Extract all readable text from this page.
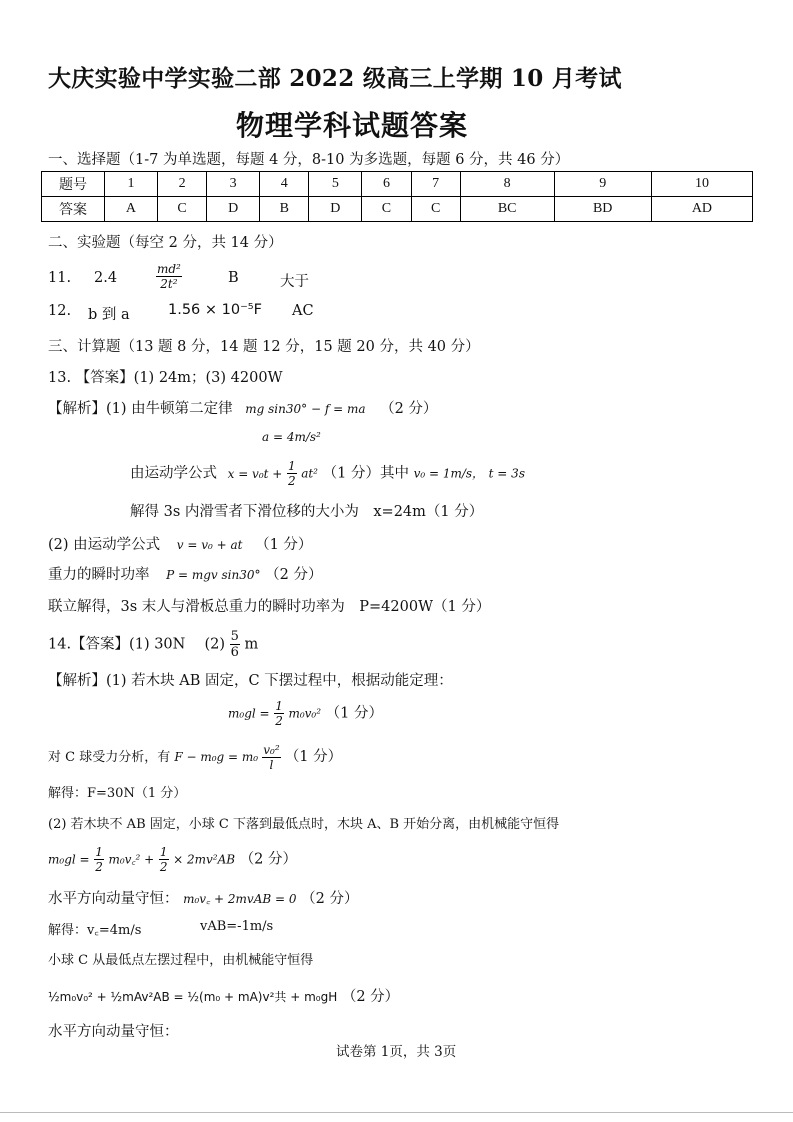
大庆实验中学实验二部 2022 级高三上学期 10 月考试
物理学科试题答案
一、选择题（1-7 为单选题，每题 4 分，8-10 为多选题，每题 6 分，共 46 分）
题号	1	2	3	4	5	6	7	8	9	10
答案	A	C	D	B	D	C	C	BC	BD	AD
二、实验题（每空 2 分，共 14 分）
11. 2.4	$\frac{\text{md²}}{\text{2t²}}$	B	大于
12. b 到 a	1.56 × 10⁻⁵F AC
三、计算题（13 题 8 分，14 题 12 分，15 题 20 分，共 40 分）
13. 【答案】(1) 24m；(3) 4200W
【解析】(1) 由牛顿第二定律 mg sin30° − f = ma （2 分）
a = 4m/s²
由运动学公式 $x = v_0t + \frac{1}{2} at^2$ （1 分）其中 v₀ = 1m/s， t = 3s
解得 3s 内滑雪者下滑位移的大小为　x=24m（1 分）
(2) 由运动学公式 v = v₀ + at （1 分）
重力的瞬时功率 P = mgv sin30° （2 分）
联立解得，3s 末人与滑板总重力的瞬时功率为　P=4200W（1 分）
14.【答案】(1) 30N　 $(2) \frac{5}{6}$ m
【解析】(1) 若木块 AB 固定，C 下摆过程中，根据动能定理：
$m_0gl = \frac{1}{2} m_0v_0^2$ （1 分）
对 C 球受力分析，有 $F - m_0g = m_0 \frac{\text{v₀²}}{l} (1$ 分）
解得：F=30N（1 分）
(2) 若木块不 AB 固定，小球 C 下落到最低点时，木块 A、B 开始分离，由机械能守恒得
$m_0gl = \frac{1}{2}$ m₀v꜀² + $\frac{1}{2} \times 2mv^2AB$ （2 分）
水平方向动量守恒： m₀v꜀ + 2mvAB = 0 （2 分）
解得：v꜀=4m/s	vAB=-1m/s
小球 C 从最低点左摆过程中，由机械能守恒得
½m₀v₀² + ½mAv²AB = ½(m₀ + mA)v²共 + m₀gH （2 分）
水平方向动量守恒：
试卷第 1页，共 3页
